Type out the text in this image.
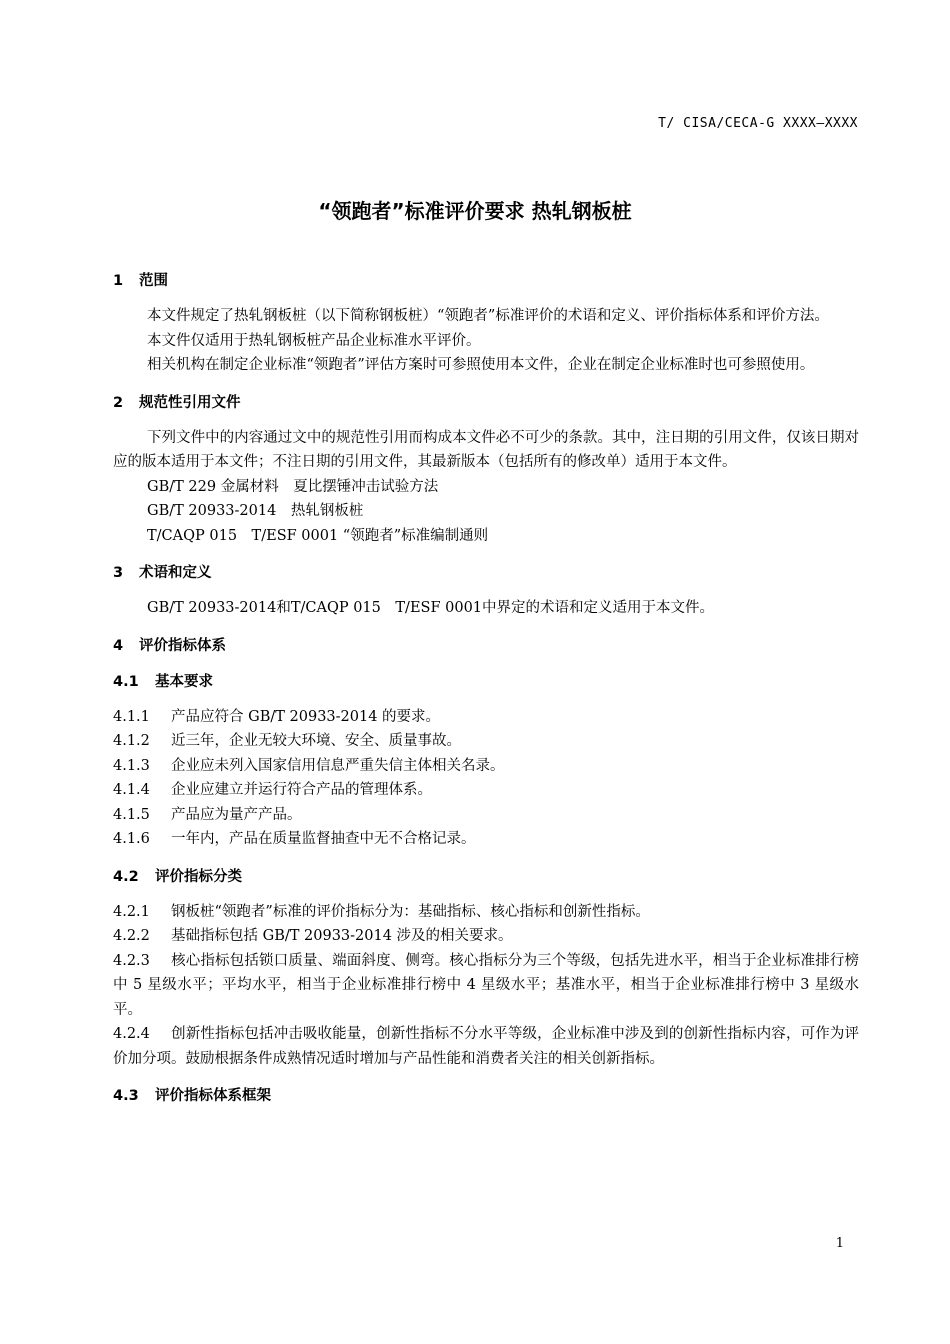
T/ CISA/CECA-G XXXX—XXXX
“领跑者”标准评价要求 热轧钢板桩
1 范围

本文件规定了热轧钢板桩（以下简称钢板桩）“领跑者”标准评价的术语和定义、评价指标体系和评价方法。

本文件仅适用于热轧钢板桩产品企业标准水平评价。

相关机构在制定企业标准“领跑者”评估方案时可参照使用本文件，企业在制定企业标准时也可参照使用。

2 规范性引用文件

下列文件中的内容通过文中的规范性引用而构成本文件必不可少的条款。其中，注日期的引用文件，仅该日期对应的版本适用于本文件；不注日期的引用文件，其最新版本（包括所有的修改单）适用于本文件。

GB/T 229 金属材料　夏比摆锤冲击试验方法

GB/T 20933-2014　热轧钢板桩

T/CAQP 015　T/ESF 0001 “领跑者”标准编制通则

3 术语和定义

GB/T 20933-2014和T/CAQP 015　T/ESF 0001中界定的术语和定义适用于本文件。

4 评价指标体系
4.1 基本要求

4.1.1 产品应符合 GB/T 20933-2014 的要求。

4.1.2 近三年，企业无较大环境、安全、质量事故。

4.1.3 企业应未列入国家信用信息严重失信主体相关名录。

4.1.4 企业应建立并运行符合产品的管理体系。

4.1.5 产品应为量产产品。

4.1.6 一年内，产品在质量监督抽查中无不合格记录。

4.2 评价指标分类

4.2.1 钢板桩“领跑者”标准的评价指标分为：基础指标、核心指标和创新性指标。

4.2.2 基础指标包括 GB/T 20933-2014 涉及的相关要求。

4.2.3 核心指标包括锁口质量、端面斜度、侧弯。核心指标分为三个等级，包括先进水平，相当于企业标准排行榜中 5 星级水平；平均水平，相当于企业标准排行榜中 4 星级水平；基准水平，相当于企业标准排行榜中 3 星级水平。

4.2.4 创新性指标包括冲击吸收能量，创新性指标不分水平等级，企业标准中涉及到的创新性指标内容，可作为评价加分项。鼓励根据条件成熟情况适时增加与产品性能和消费者关注的相关创新指标。

4.3 评价指标体系框架
1
